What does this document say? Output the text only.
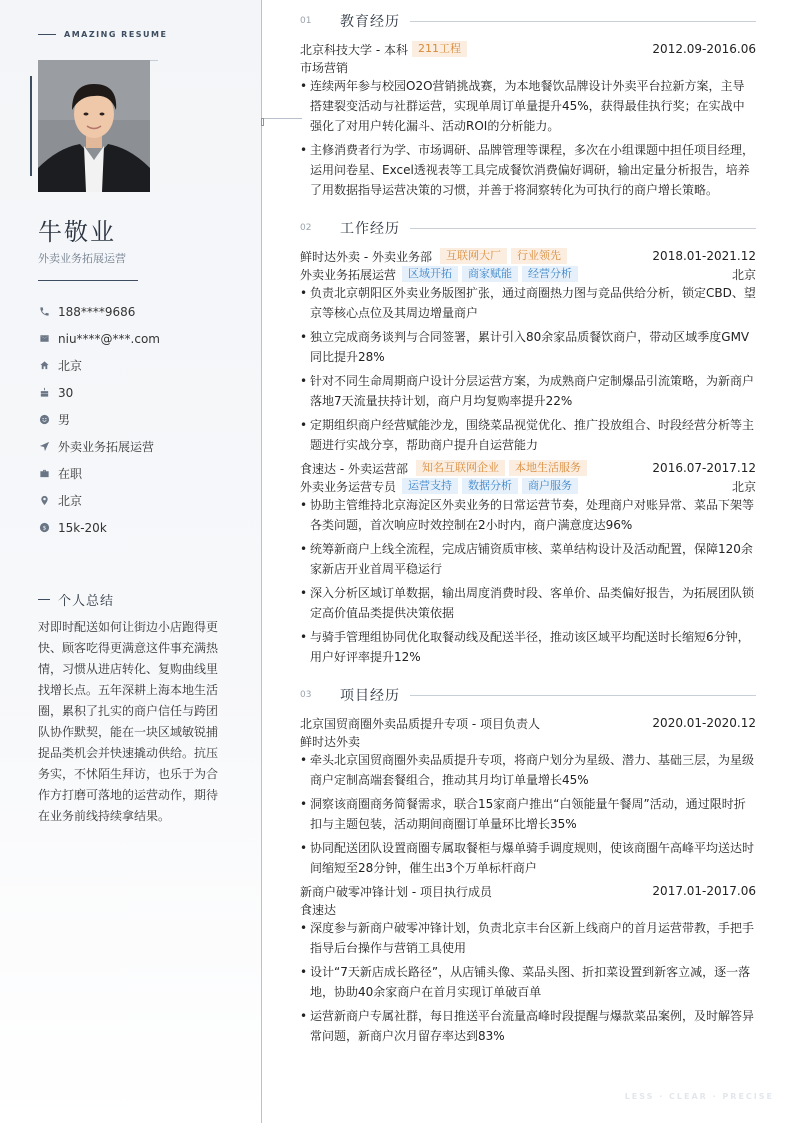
AMAZING RESUME
牛敬业
外卖业务拓展运营
188****9686
niu****@***.com
北京
30
男
外卖业务拓展运营
在职
北京
$ 15k-20k
个人总结
对即时配送如何让街边小店跑得更快、顾客吃得更满意这件事充满热情，习惯从进店转化、复购曲线里找增长点。五年深耕上海本地生活圈，累积了扎实的商户信任与跨团队协作默契，能在一块区域敏锐捕捉品类机会并快速撬动供给。抗压务实，不怵陌生拜访，也乐于为合作方打磨可落地的运营动作，期待在业务前线持续拿结果。
01	教育经历
北京科技大学 - 本科 211工程	2012.09-2016.06
市场营销
• 连续两年参与校园O2O营销挑战赛，为本地餐饮品牌设计外卖平台拉新方案，主导搭建裂变活动与社群运营，实现单周订单量提升45%，获得最佳执行奖；在实战中强化了对用户转化漏斗、活动ROI的分析能力。
• 主修消费者行为学、市场调研、品牌管理等课程，多次在小组课题中担任项目经理，运用问卷星、Excel透视表等工具完成餐饮消费偏好调研，输出定量分析报告，培养了用数据指导运营决策的习惯，并善于将洞察转化为可执行的商户增长策略。
02	工作经历
鲜时达外卖 - 外卖业务部	互联网大厂	行业领先	2018.01-2021.12
外卖业务拓展运营	区域开拓	商家赋能	经营分析	北京
• 负责北京朝阳区外卖业务版图扩张，通过商圈热力图与竞品供给分析，锁定CBD、望京等核心点位及其周边增量商户
• 独立完成商务谈判与合同签署，累计引入80余家品质餐饮商户，带动区域季度GMV同比提升28%
• 针对不同生命周期商户设计分层运营方案，为成熟商户定制爆品引流策略，为新商户落地7天流量扶持计划，商户月均复购率提升22%
• 定期组织商户经营赋能沙龙，围绕菜品视觉优化、推广投放组合、时段经营分析等主题进行实战分享，帮助商户提升自运营能力
食速达 - 外卖运营部	知名互联网企业	本地生活服务	2016.07-2017.12
外卖业务运营专员	运营支持	数据分析	商户服务	北京
• 协助主管维持北京海淀区外卖业务的日常运营节奏，处理商户对账异常、菜品下架等各类问题，首次响应时效控制在2小时内，商户满意度达96%
• 统筹新商户上线全流程，完成店铺资质审核、菜单结构设计及活动配置，保障120余家新店开业首周平稳运行
• 深入分析区域订单数据，输出周度消费时段、客单价、品类偏好报告，为拓展团队锁定高价值品类提供决策依据
• 与骑手管理组协同优化取餐动线及配送半径，推动该区域平均配送时长缩短6分钟，用户好评率提升12%
03	项目经历
北京国贸商圈外卖品质提升专项 - 项目负责人	2020.01-2020.12
鲜时达外卖
• 牵头北京国贸商圈外卖品质提升专项，将商户划分为星级、潜力、基础三层，为星级商户定制高端套餐组合，推动其月均订单量增长45%
• 洞察该商圈商务简餐需求，联合15家商户推出“白领能量午餐周”活动，通过限时折扣与主题包装，活动期间商圈订单量环比增长35%
• 协同配送团队设置商圈专属取餐柜与爆单骑手调度规则，使该商圈午高峰平均送达时间缩短至28分钟，催生出3个万单标杆商户
新商户破零冲锋计划 - 项目执行成员	2017.01-2017.06
食速达
• 深度参与新商户破零冲锋计划，负责北京丰台区新上线商户的首月运营带教，手把手指导后台操作与营销工具使用
• 设计“7天新店成长路径”，从店铺头像、菜品头图、折扣菜设置到新客立减，逐一落地，协助40余家商户在首月实现订单破百单
• 运营新商户专属社群，每日推送平台流量高峰时段提醒与爆款菜品案例，及时解答异常问题，新商户次月留存率达到83%
LESS · CLEAR · PRECISE
